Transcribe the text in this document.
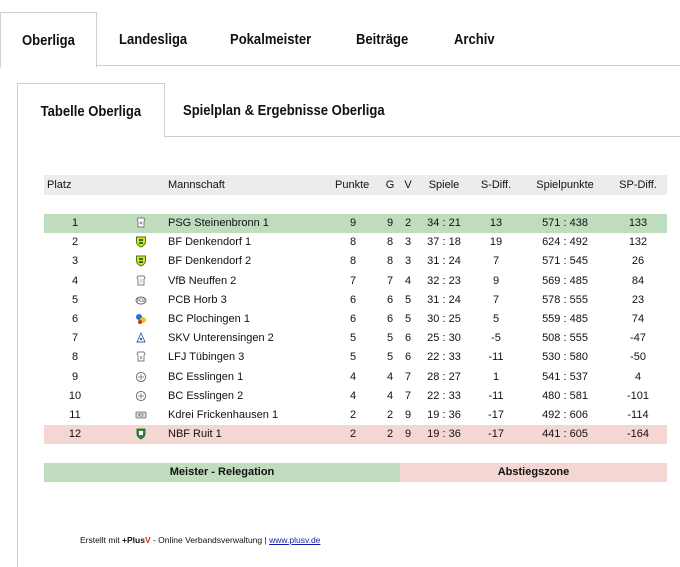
Oberliga	Landesliga	Pokalmeister	Beiträge	Archiv
Tabelle Oberliga	Spielplan & Ergebnisse Oberliga
Platz	Mannschaft	Punkte	G V	Spiele	S-Diff.	Spielpunkte	SP-Diff.
1	PSG Steinenbronn 1	9	9	2	34 : 21	13	571 : 438	133
2	BF Denkendorf 1	8	8	3	37 : 18	19	624 : 492	132
3	BF Denkendorf 2	8	8	3	31 : 24	7	571 : 545	26
4	VfB Neuffen 2	7	7	4	32 : 23	9	569 : 485	84
5	PCB PCB Horb 3	6	6	5	31 : 24	7	578 : 555	23
6	BC Plochingen 1	6	6	5	30 : 25	5	559 : 485	74
7	SKV Unterensingen 2	5	5	6	25 : 30	-5	508 : 555	-47
8	LFJ Tübingen 3	5	5	6	22 : 33	-11	530 : 580	-50
9	BC Esslingen 1	4	4	7	28 : 27	1	541 : 537	4
10	BC Esslingen 2	4	4	7	22 : 33	-11	480 : 581	-101
11	K3 Kdrei Frickenhausen 1	2	2	9	19 : 36	-17	492 : 606	-114
12	NBF Ruit 1	2	2	9	19 : 36	-17	441 : 605	-164
Meister - Relegation	Abstiegszone
Erstellt mit +PlusV - Online Verbandsverwaltung | www.plusv.de
